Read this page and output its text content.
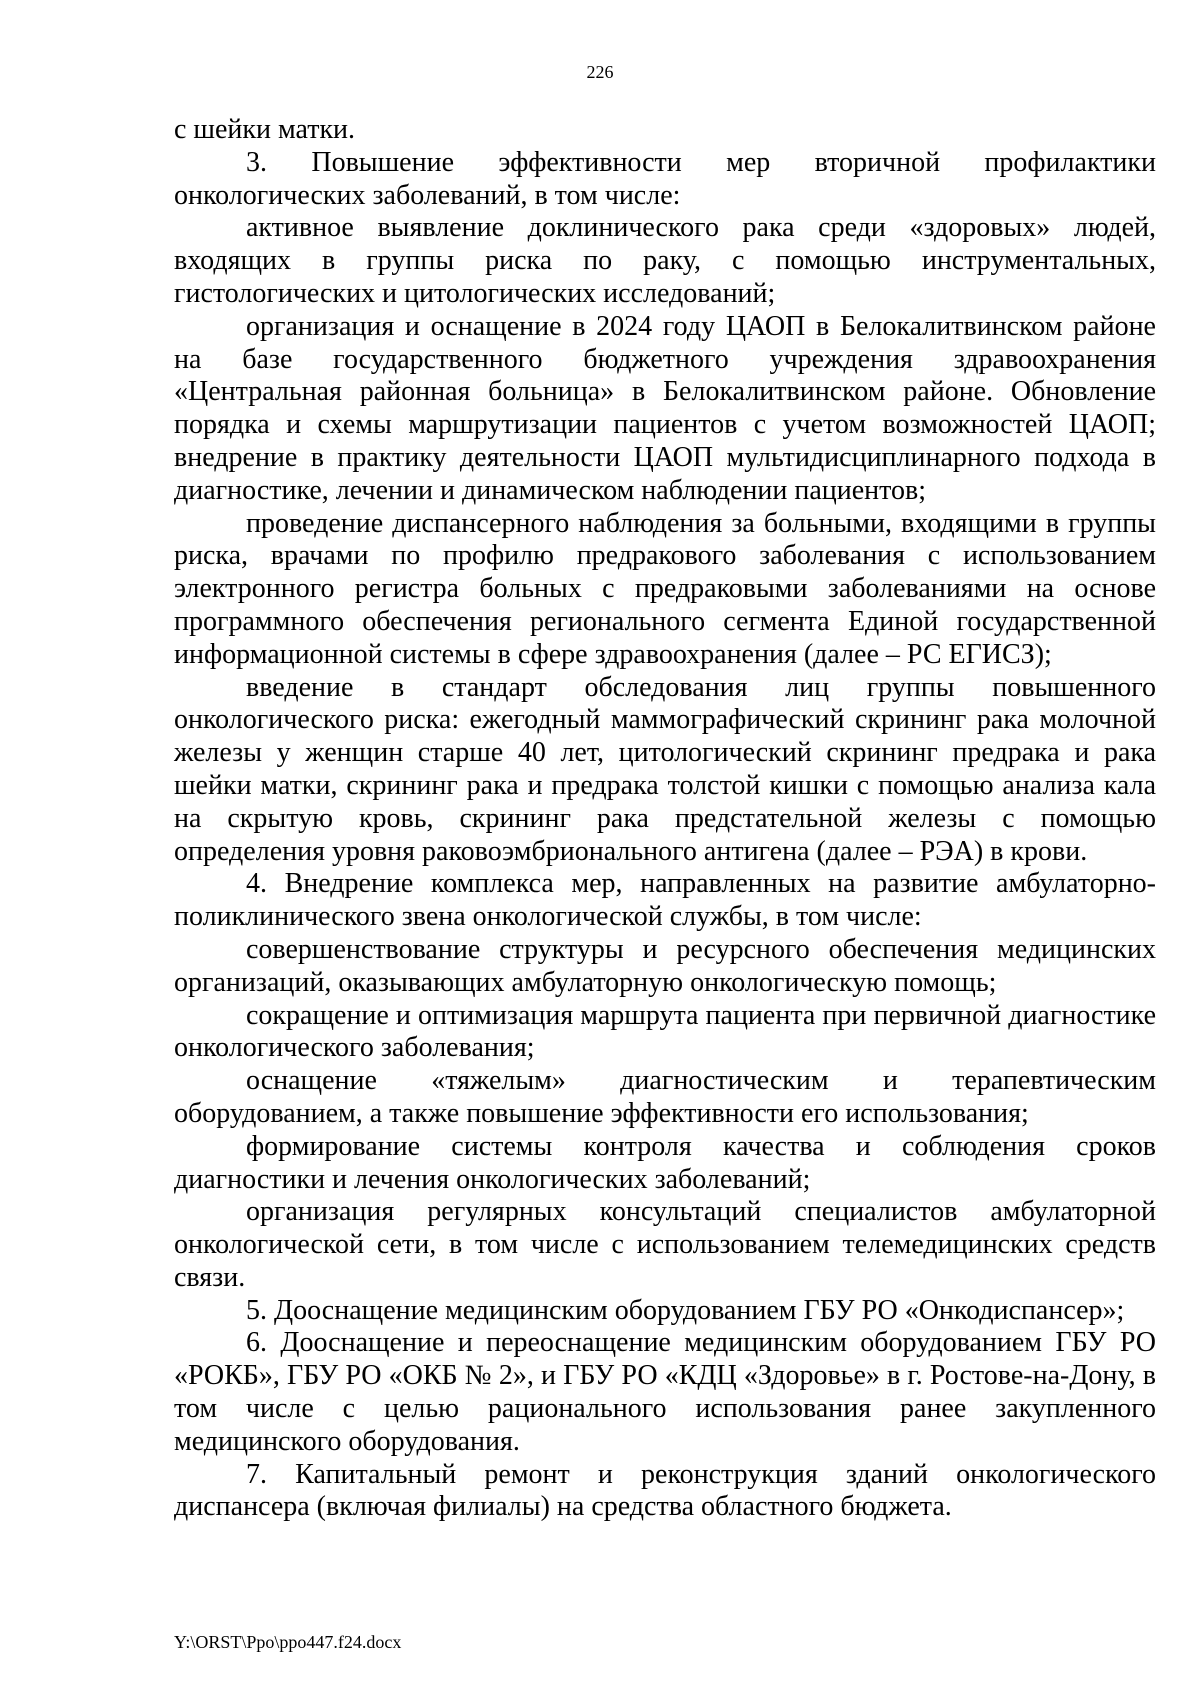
226

с шейки матки.

3. Повышение эффективности мер вторичной профилактики онкологических заболеваний, в том числе:

активное выявление доклинического рака среди «здоровых» людей, входящих в группы риска по раку, с помощью инструментальных, гистологических и цитологических исследований;

организация и оснащение в 2024 году ЦАОП в Белокалитвинском районе на базе государственного бюджетного учреждения здравоохранения «Центральная районная больница» в Белокалитвинском районе. Обновление порядка и схемы маршрутизации пациентов с учетом возможностей ЦАОП; внедрение в практику деятельности ЦАОП мультидисциплинарного подхода в диагностике, лечении и динамическом наблюдении пациентов;

проведение диспансерного наблюдения за больными, входящими в группы риска, врачами по профилю предракового заболевания с использованием электронного регистра больных с предраковыми заболеваниями на основе программного обеспечения регионального сегмента Единой государственной информационной системы в сфере здравоохранения (далее – РС ЕГИСЗ);

введение в стандарт обследования лиц группы повышенного онкологического риска: ежегодный маммографический скрининг рака молочной железы у женщин старше 40 лет, цитологический скрининг предрака и рака шейки матки, скрининг рака и предрака толстой кишки с помощью анализа кала на скрытую кровь, скрининг рака предстательной железы с помощью определения уровня раковоэмбрионального антигена (далее – РЭА) в крови.

4. Внедрение комплекса мер, направленных на развитие амбулаторно-поликлинического звена онкологической службы, в том числе:

совершенствование структуры и ресурсного обеспечения медицинских организаций, оказывающих амбулаторную онкологическую помощь;

сокращение и оптимизация маршрута пациента при первичной диагностике онкологического заболевания;

оснащение «тяжелым» диагностическим и терапевтическим оборудованием, а также повышение эффективности его использования;

формирование системы контроля качества и соблюдения сроков диагностики и лечения онкологических заболеваний;

организация регулярных консультаций специалистов амбулаторной онкологической сети, в том числе с использованием телемедицинских средств связи.

5. Дооснащение медицинским оборудованием ГБУ РО «Онкодиспансер»;

6. Дооснащение и переоснащение медицинским оборудованием ГБУ РО «РОКБ», ГБУ РО «ОКБ № 2», и ГБУ РО «КДЦ «Здоровье» в г. Ростове-на-Дону, в том числе с целью рационального использования ранее закупленного медицинского оборудования.

7. Капитальный ремонт и реконструкция зданий онкологического диспансера (включая филиалы) на средства областного бюджета.

Y:\ORST\Ppo\ppo447.f24.docx
